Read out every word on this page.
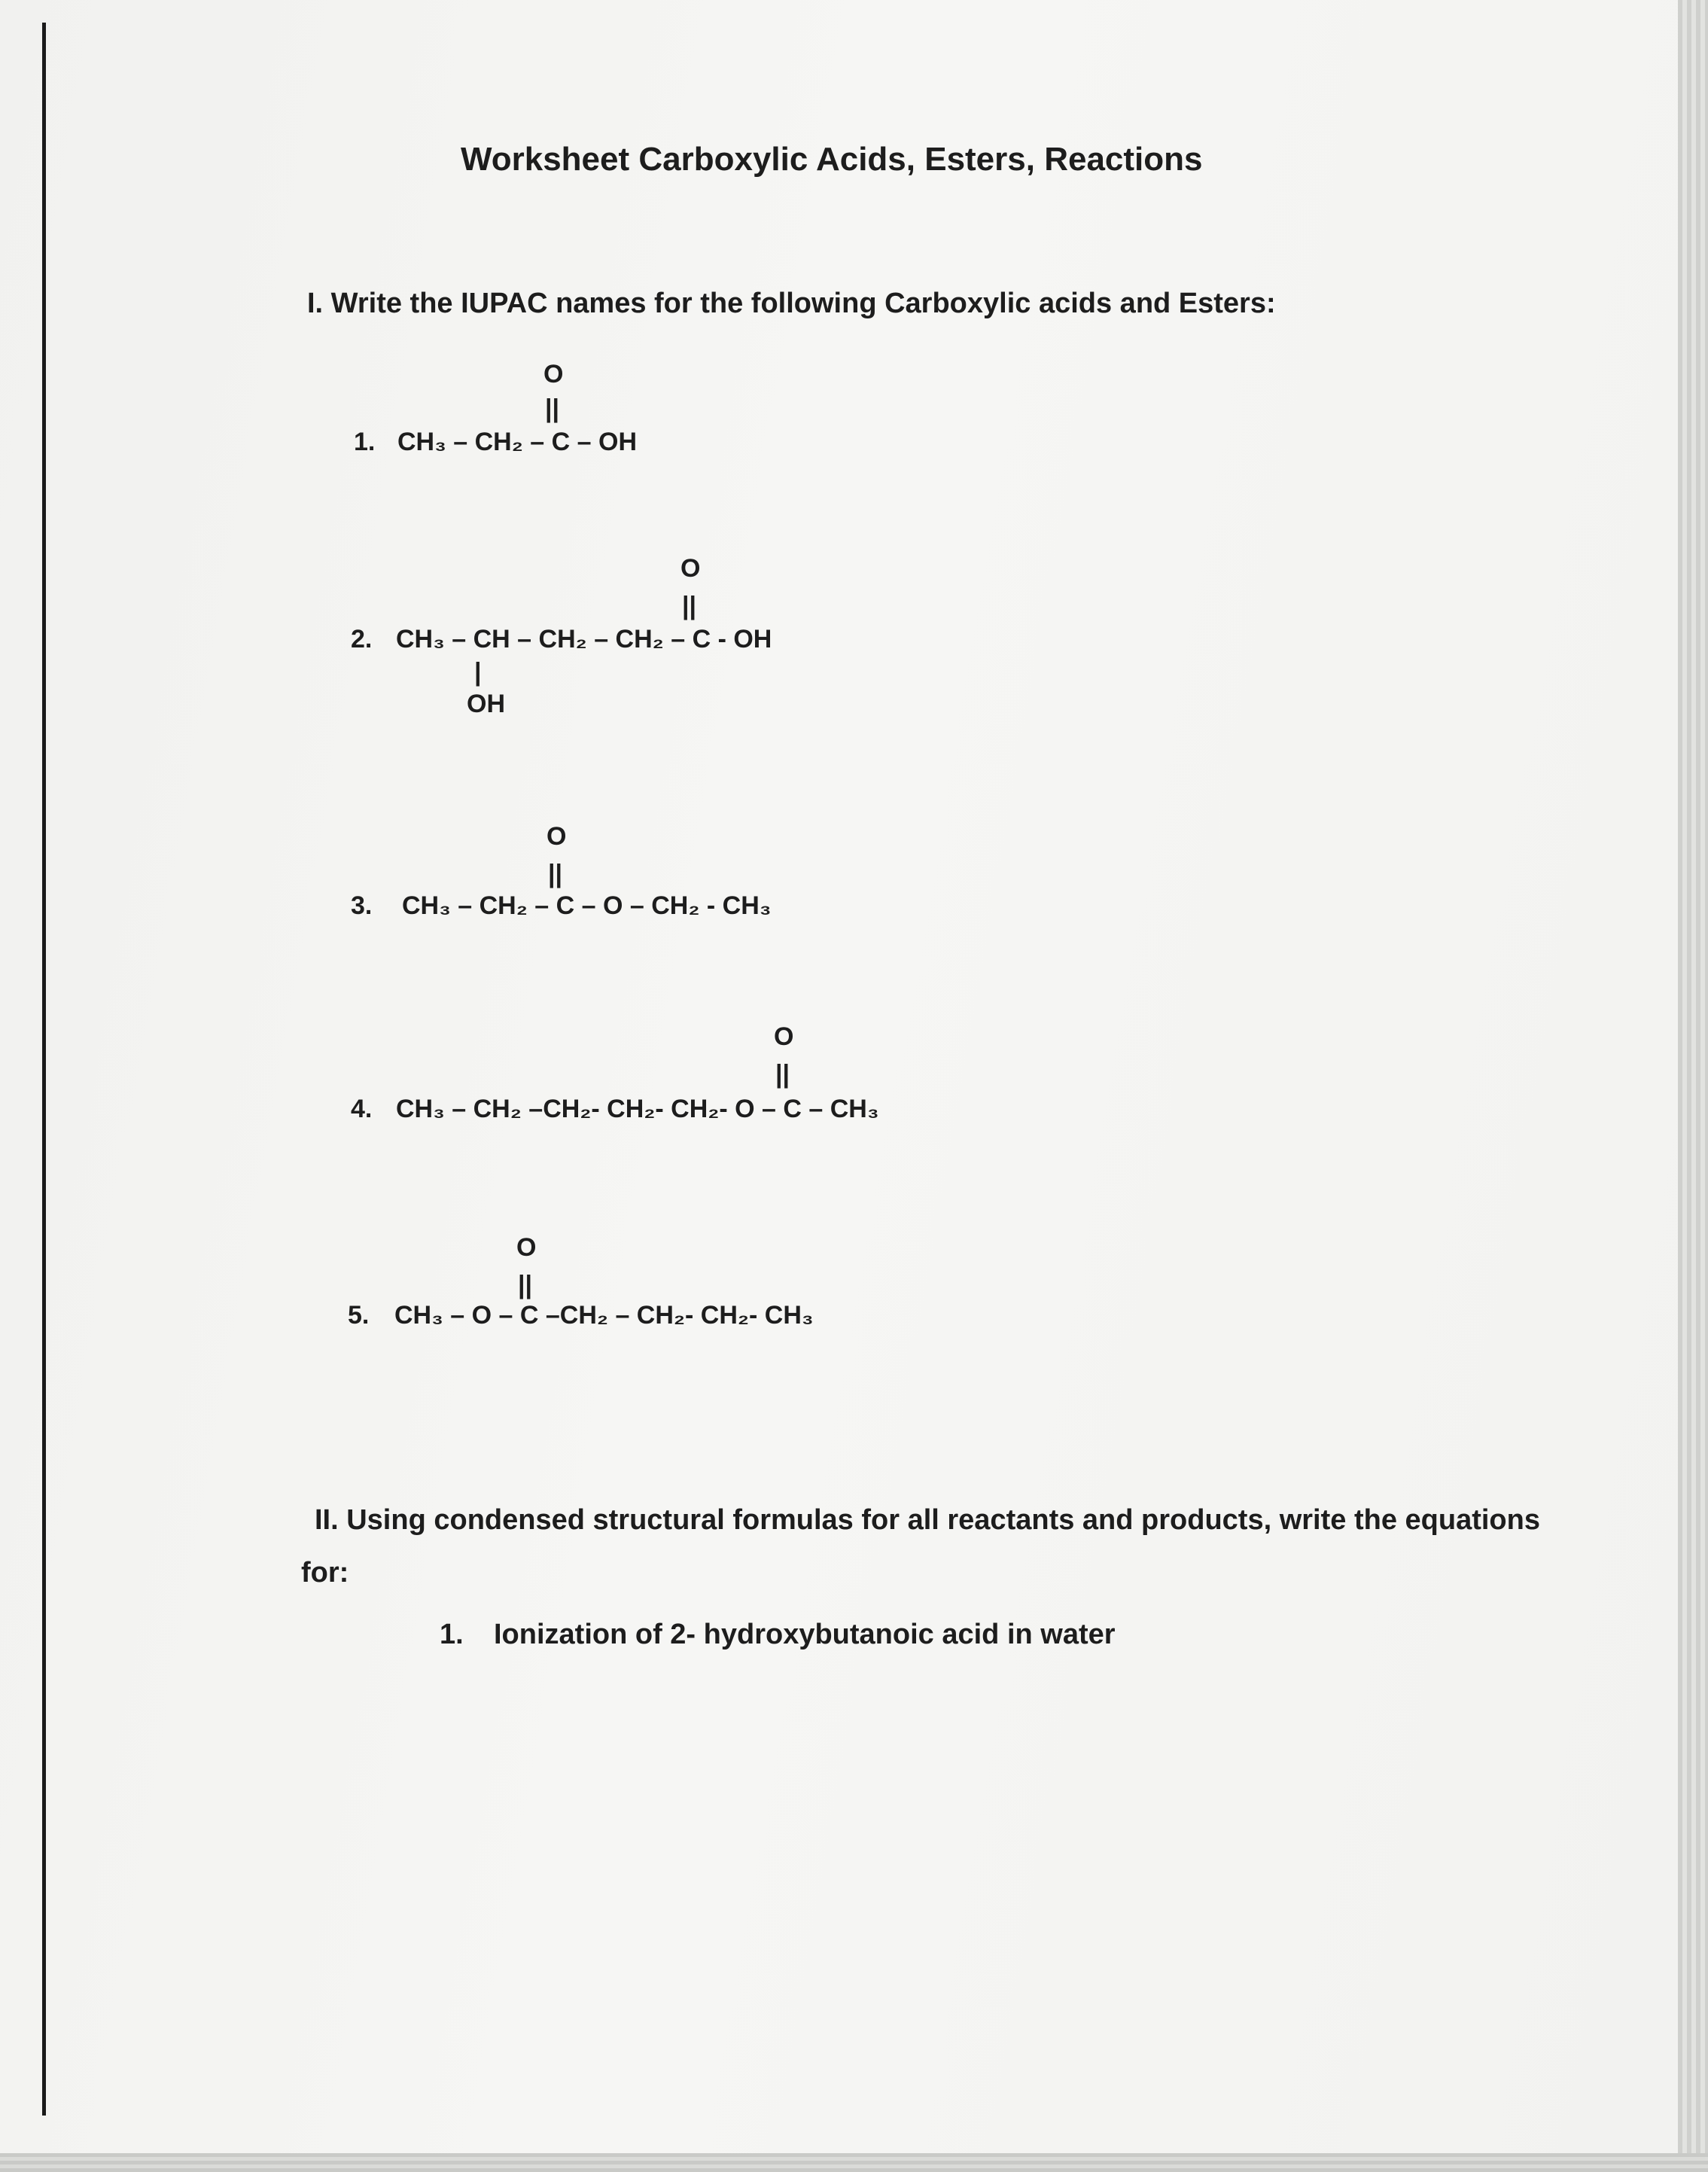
Worksheet Carboxylic Acids, Esters, Reactions
I. Write the IUPAC names for the following Carboxylic acids and Esters:
O
||
1. CH₃ – CH₂ – C – OH
O
||
2. CH₃ – CH – CH₂ – CH₂ – C - OH
|
OH
O
||
3. CH₃ – CH₂ – C – O – CH₂ - CH₃
O
||
4. CH₃ – CH₂ –CH₂- CH₂- CH₂- O – C – CH₃
O
||
5. CH₃ – O – C –CH₂ – CH₂- CH₂- CH₃
II. Using condensed structural formulas for all reactants and products, write the equations
for:
1. Ionization of 2- hydroxybutanoic acid in water
